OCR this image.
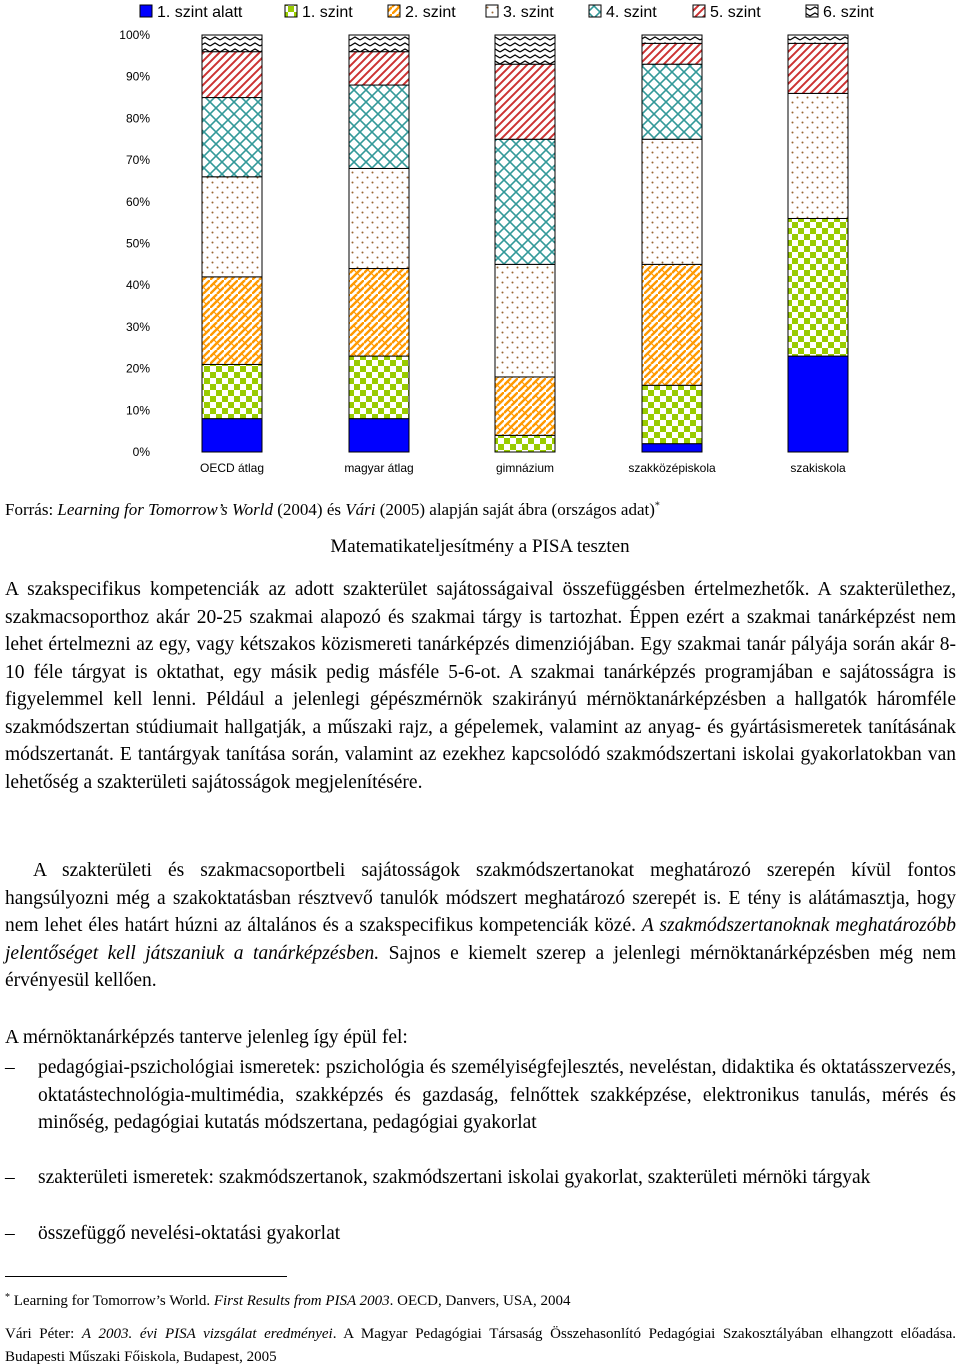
1. szint alatt	1. szint	2. szint	3. szint	4. szint	5. szint	6. szint
0%
10%
20%
30%
40%
50%
60%
70%
80%
90%
100%
OECD átlag	magyar átlag	gimnázium	szakközépiskola	szakiskola
Forrás: Learning for Tomorrow’s World (2004) és Vári (2005) alapján saját ábra (országos adat)*
Matematikateljesítmény a PISA teszten

A szakspecifikus kompetenciák az adott szakterület sajátosságaival összefüggésben értelmezhetők. A szakterülethez, szakmacsoporthoz akár 20-25 szakmai alapozó és szakmai tárgy is tartozhat. Éppen ezért a szakmai tanárképzést nem lehet értelmezni az egy, vagy kétszakos közismereti tanárképzés dimenziójában. Egy szakmai tanár pályája során akár 8-10 féle tárgyat is oktathat, egy másik pedig másféle 5-6-ot. A szakmai tanárképzés programjában e sajátosságra is figyelemmel kell lenni. Például a jelenlegi gépészmérnök szakirányú mérnöktanárképzésben a hallgatók háromféle szakmódszertan stúdiumait hallgatják, a műszaki rajz, a gépelemek, valamint az anyag- és gyártásismeretek tanításának módszertanát. E tantárgyak tanítása során, valamint az ezekhez kapcsolódó szakmódszertani iskolai gyakorlatokban van lehetőség a szakterületi sajátosságok megjelenítésére.

A szakterületi és szakmacsoportbeli sajátosságok szakmódszertanokat meghatározó szerepén kívül fontos hangsúlyozni még a szakoktatásban résztvevő tanulók módszert meghatározó szerepét is. E tény is alátámasztja, hogy nem lehet éles határt húzni az általános és a szakspecifikus kompetenciák közé. A szakmódszertanoknak meghatározóbb jelentőséget kell játszaniuk a tanárképzésben. Sajnos e kiemelt szerep a jelenlegi mérnöktanárképzésben még nem érvényesül kellően.

A mérnöktanárképzés tanterve jelenleg így épül fel:
–	pedagógiai-pszichológiai ismeretek: pszichológia és személyiségfejlesztés, neveléstan, didaktika és oktatásszervezés, oktatástechnológia-multimédia, szakképzés és gazdaság, felnőttek szakképzése, elektronikus tanulás, mérés és minőség, pedagógiai kutatás módszertana, pedagógiai gyakorlat
–	szakterületi ismeretek: szakmódszertanok, szakmódszertani iskolai gyakorlat, szakterületi mérnöki tárgyak
–	összefüggő nevelési-oktatási gyakorlat
* Learning for Tomorrow’s World. First Results from PISA 2003. OECD, Danvers, USA, 2004
Vári Péter: A 2003. évi PISA vizsgálat eredményei. A Magyar Pedagógiai Társaság Összehasonlító Pedagógiai Szakosztályában elhangzott előadása. Budapesti Műszaki Főiskola, Budapest, 2005
